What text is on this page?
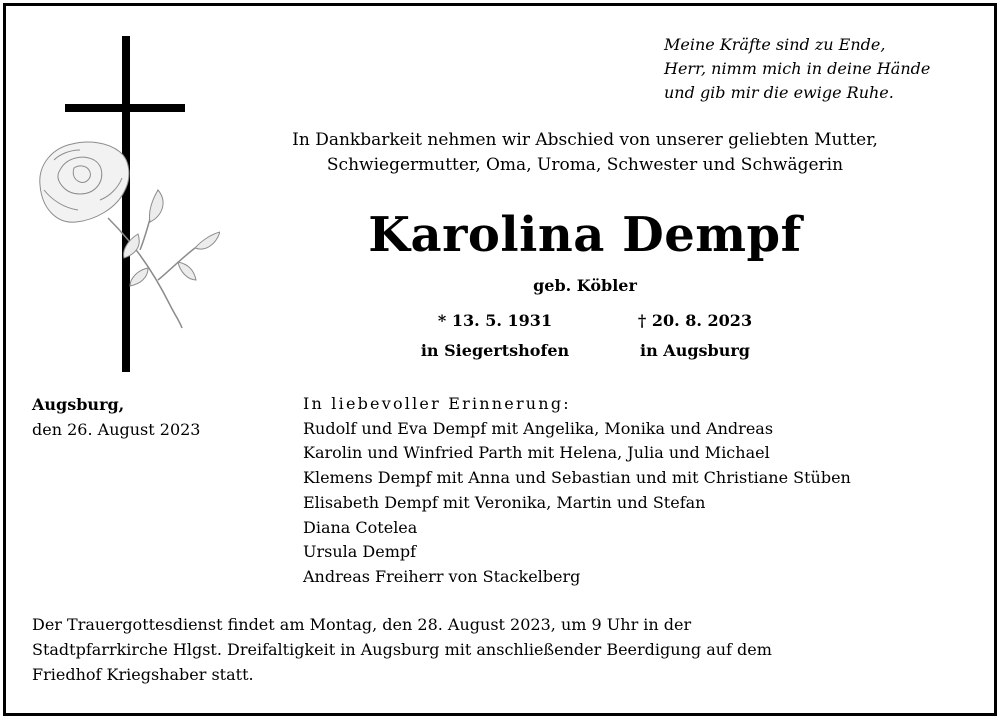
Meine Kräfte sind zu Ende,
Herr, nimm mich in deine Hände
und gib mir die ewige Ruhe.
In Dankbarkeit nehmen wir Abschied von unserer geliebten Mutter,
Schwiegermutter, Oma, Uroma, Schwester und Schwägerin
Karolina Dempf
geb. Köbler
* 13. 5. 1931
in Siegertshofen
† 20. 8. 2023
in Augsburg
Augsburg,
den 26. August 2023
In liebevoller Erinnerung:
Rudolf und Eva Dempf mit Angelika, Monika und Andreas
Karolin und Winfried Parth mit Helena, Julia und Michael
Klemens Dempf mit Anna und Sebastian und mit Christiane Stüben
Elisabeth Dempf mit Veronika, Martin und Stefan
Diana Cotelea
Ursula Dempf
Andreas Freiherr von Stackelberg
Der Trauergottesdienst findet am Montag, den 28. August 2023, um 9 Uhr in der
Stadtpfarrkirche Hlgst. Dreifaltigkeit in Augsburg mit anschließender Beerdigung auf dem
Friedhof Kriegshaber statt.
